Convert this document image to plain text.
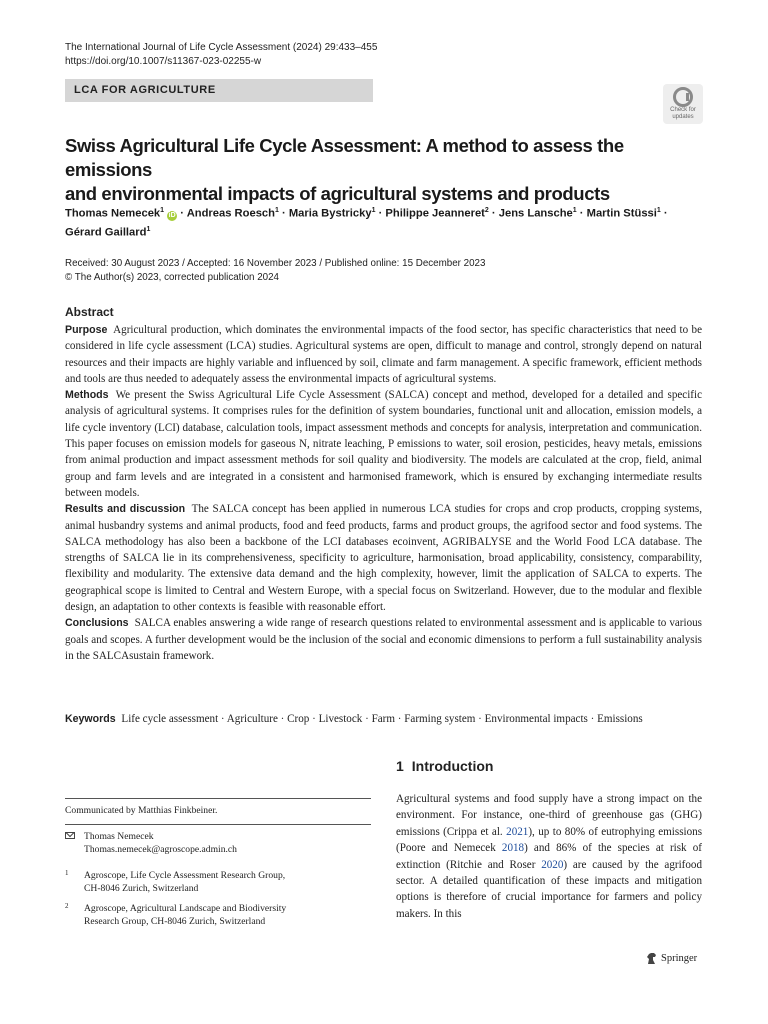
The International Journal of Life Cycle Assessment (2024) 29:433–455
https://doi.org/10.1007/s11367-023-02255-w
LCA FOR AGRICULTURE
Check for updates
Swiss Agricultural Life Cycle Assessment: A method to assess the emissions
and environmental impacts of agricultural systems and products
Thomas Nemecek$^1$ iD · Andreas Roesch$^1$ · Maria Bystricky$^1$ · Philippe Jeanneret$^2$ · Jens Lansche$^1$ · Martin Stüssi$^1$ ·
Gérard Gaillard$^1$
Received: 30 August 2023 / Accepted: 16 November 2023 / Published online: 15 December 2023
© The Author(s) 2023, corrected publication 2024
Abstract

Purpose Agricultural production, which dominates the environmental impacts of the food sector, has specific characteristics that need to be considered in life cycle assessment (LCA) studies. Agricultural systems are open, difficult to manage and control, strongly depend on natural resources and their impacts are highly variable and influenced by soil, climate and farm management. A specific framework, efficient methods and tools are thus needed to adequately assess the environmental impacts of agricultural systems.

Methods We present the Swiss Agricultural Life Cycle Assessment (SALCA) concept and method, developed for a detailed and specific analysis of agricultural systems. It comprises rules for the definition of system boundaries, functional unit and allocation, emission models, a life cycle inventory (LCI) database, calculation tools, impact assessment methods and concepts for analysis, interpretation and communication. This paper focuses on emission models for gaseous N, nitrate leaching, P emissions to water, soil erosion, pesticides, heavy metals, emissions from animal production and impact assessment methods for soil quality and biodiversity. The models are calculated at the crop, field, animal group and farm levels and are integrated in a consistent and harmonised framework, which is ensured by exchanging intermediate results between models.

Results and discussion The SALCA concept has been applied in numerous LCA studies for crops and crop products, cropping systems, animal husbandry systems and animal products, food and feed products, farms and product groups, the agrifood sector and food systems. The SALCA methodology has also been a backbone of the LCI databases ecoinvent, AGRIBALYSE and the World Food LCA database. The strengths of SALCA lie in its comprehensiveness, specificity to agriculture, harmonisation, broad applicability, consistency, comparability, flexibility and modularity. The extensive data demand and the high complexity, however, limit the application of SALCA to experts. The geographical scope is limited to Central and Western Europe, with a special focus on Switzerland. However, due to the modular and flexible design, an adaptation to other contexts is feasible with reasonable effort.

Conclusions SALCA enables answering a wide range of research questions related to environmental assessment and is applicable to various goals and scopes. A further development would be the inclusion of the social and economic dimensions to perform a full sustainability analysis in the SALCAsustain framework.

Keywords Life cycle assessment · Agriculture · Crop · Livestock · Farm · Farming system · Environmental impacts · Emissions
1 Introduction
Agricultural systems and food supply have a strong impact on the environment. For instance, one-third of greenhouse gas (GHG) emissions (Crippa et al. 2021), up to 80% of eutrophying emissions (Poore and Nemecek 2018) and 86% of the species at risk of extinction (Ritchie and Roser 2020) are caused by the agrifood sector. A detailed quantification of these impacts and mitigation options is therefore of crucial importance for farmers and policy makers. In this
Communicated by Matthias Finkbeiner.
Thomas Nemecek
Thomas.nemecek@agroscope.admin.ch
1 Agroscope, Life Cycle Assessment Research Group,
CH-8046 Zurich, Switzerland
2 Agroscope, Agricultural Landscape and Biodiversity
Research Group, CH-8046 Zurich, Switzerland
Springer
